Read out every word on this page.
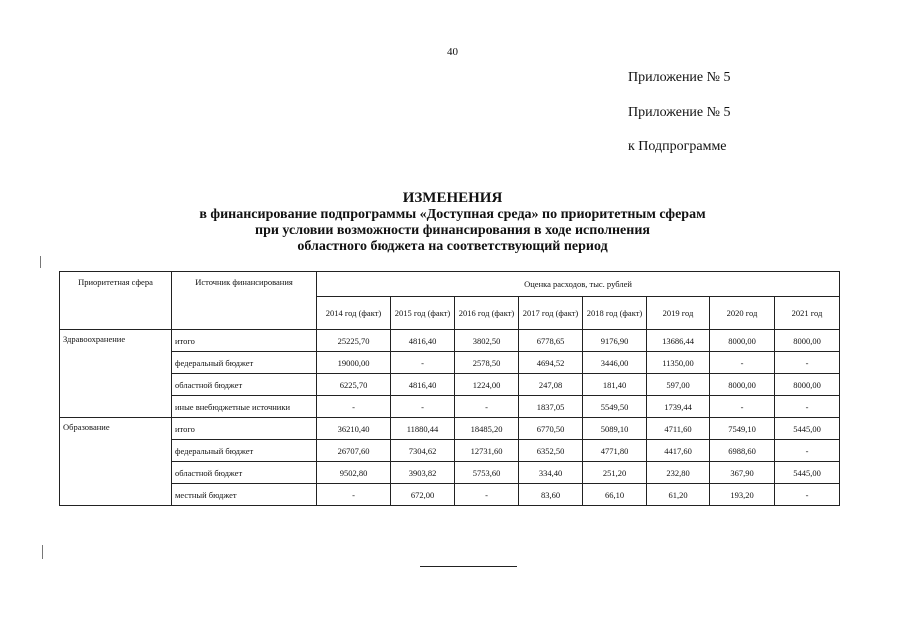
40
Приложение № 5
Приложение № 5
к Подпрограмме
ИЗМЕНЕНИЯ
в финансирование подпрограммы «Доступная среда» по приоритетным сферам
при условии возможности финансирования в ходе исполнения
областного бюджета на соответствующий период
Приоритетная сфера	Источник финансирования	Оценка расходов, тыс. рублей							
		2014 год (факт)	2015 год (факт)	2016 год (факт)	2017 год (факт)	2018 год (факт)	2019 год	2020 год	2021 год
Здравоохранение	итого	25225,70	4816,40	3802,50	6778,65	9176,90	13686,44	8000,00	8000,00
	федеральный бюджет	19000,00	-	2578,50	4694,52	3446,00	11350,00	-	-
	областной бюджет	6225,70	4816,40	1224,00	247,08	181,40	597,00	8000,00	8000,00
	иные внебюджетные источники	-	-	-	1837,05	5549,50	1739,44	-	-
Образование	итого	36210,40	11880,44	18485,20	6770,50	5089,10	4711,60	7549,10	5445,00
	федеральный бюджет	26707,60	7304,62	12731,60	6352,50	4771,80	4417,60	6988,60	-
	областной бюджет	9502,80	3903,82	5753,60	334,40	251,20	232,80	367,90	5445,00
	местный бюджет	-	672,00	-	83,60	66,10	61,20	193,20	-
